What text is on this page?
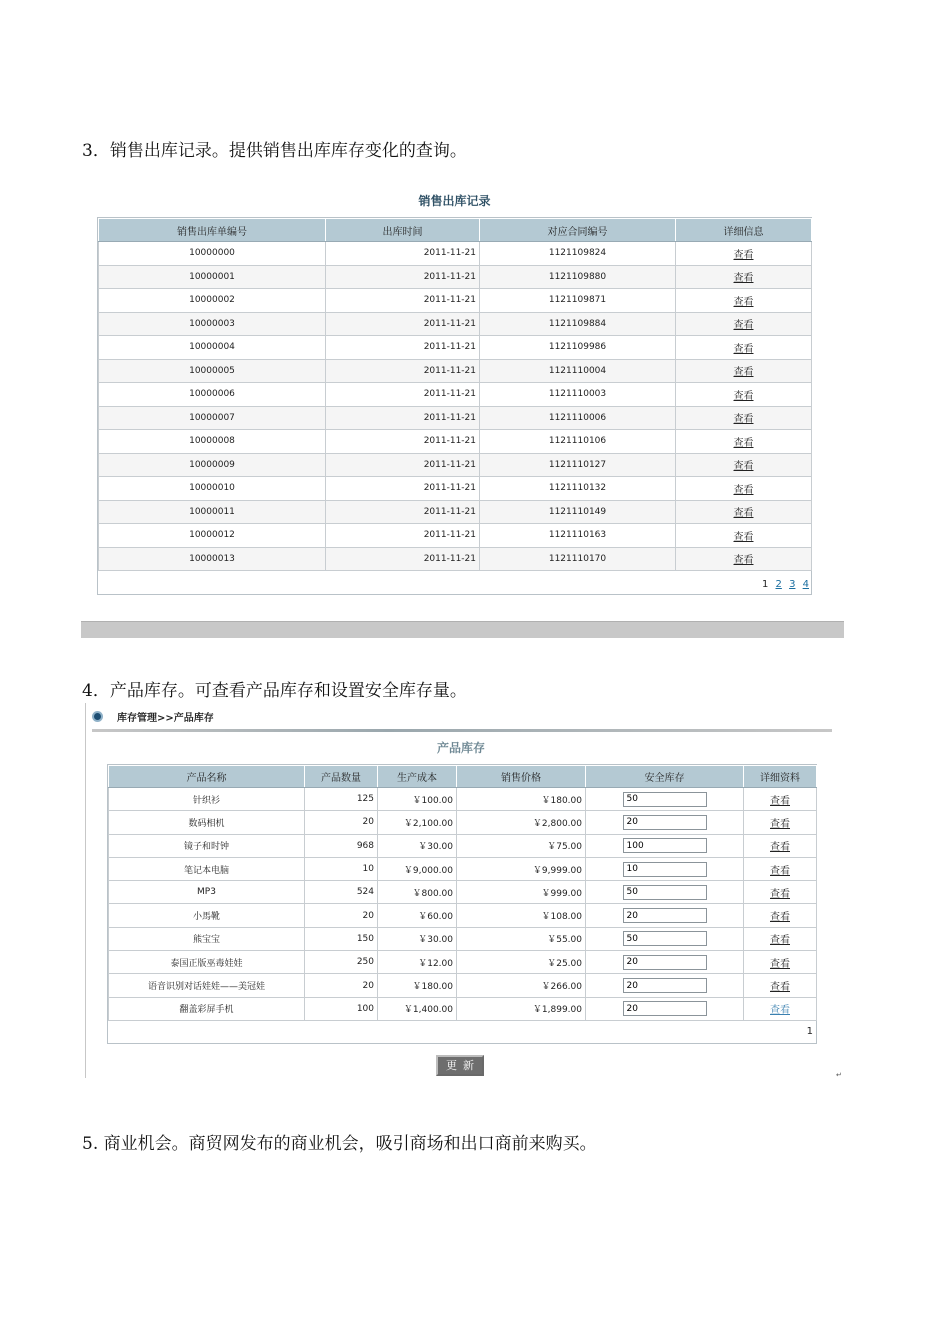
3．销售出库记录。提供销售出库库存变化的查询。
销售出库记录
销售出库单编号	出库时间	对应合同编号	详细信息
10000000	2011-11-21	1121109824	查看
10000001	2011-11-21	1121109880	查看
10000002	2011-11-21	1121109871	查看
10000003	2011-11-21	1121109884	查看
10000004	2011-11-21	1121109986	查看
10000005	2011-11-21	1121110004	查看
10000006	2011-11-21	1121110003	查看
10000007	2011-11-21	1121110006	查看
10000008	2011-11-21	1121110106	查看
10000009	2011-11-21	1121110127	查看
10000010	2011-11-21	1121110132	查看
10000011	2011-11-21	1121110149	查看
10000012	2011-11-21	1121110163	查看
10000013	2011-11-21	1121110170	查看
1 2 3 4
4．产品库存。可查看产品库存和设置安全库存量。
库存管理>>产品库存
产品库存
产品名称	产品数量	生产成本	销售价格	安全库存	详细资料
针织衫	125	￥100.00	￥180.00	50	查看
数码相机	20	￥2,100.00	￥2,800.00	20	查看
镜子和时钟	968	￥30.00	￥75.00	100	查看
笔记本电脑	10	￥9,000.00	￥9,999.00	10	查看
MP3	524	￥800.00	￥999.00	50	查看
小馬靴	20	￥60.00	￥108.00	20	查看
熊宝宝	150	￥30.00	￥55.00	50	查看
泰国正版巫毒娃娃	250	￥12.00	￥25.00	20	查看
语音识别对话娃娃——美冠娃	20	￥180.00	￥266.00	20	查看
翻盖彩屏手机	100	￥1,400.00	￥1,899.00	20	查看
1
更新
↵
5. 商业机会。商贸网发布的商业机会，吸引商场和出口商前来购买。
